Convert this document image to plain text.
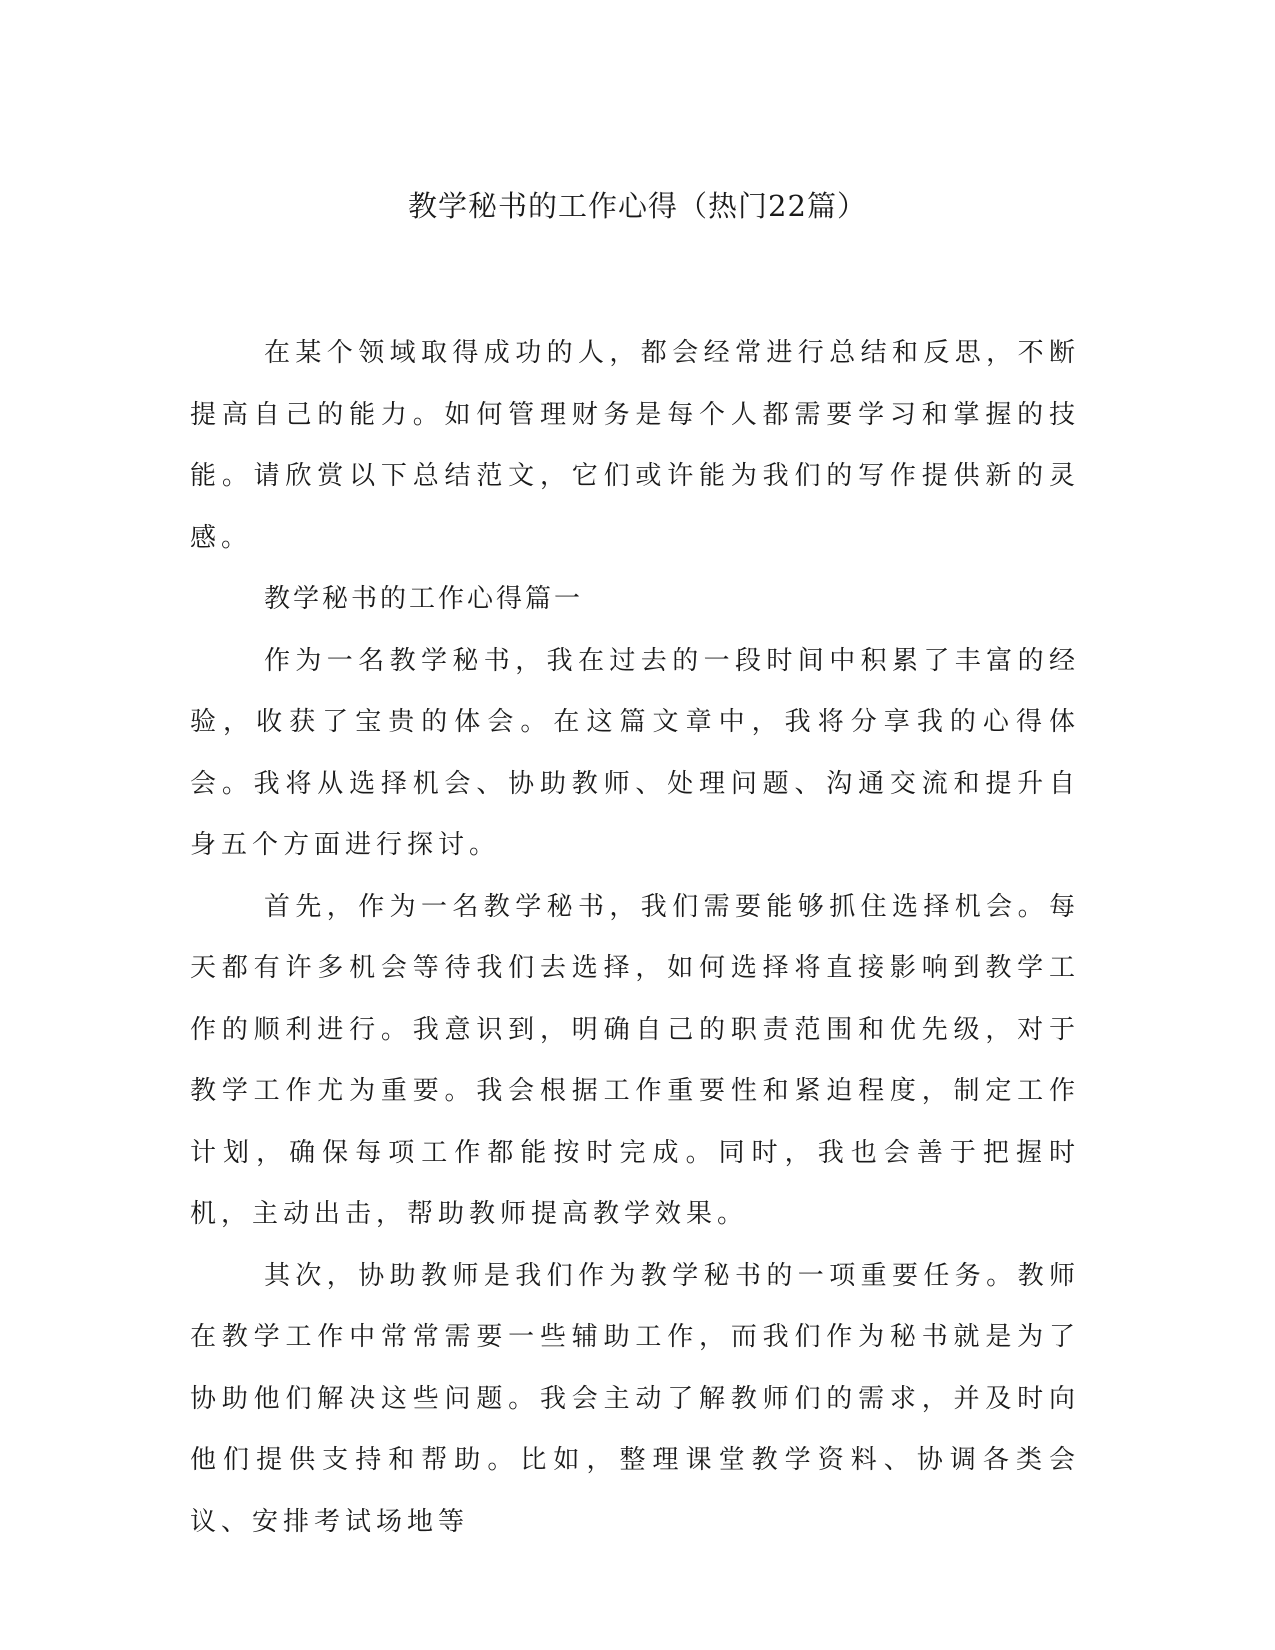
教学秘书的工作心得（热门22篇）

在某个领域取得成功的人，都会经常进行总结和反思，不断提高自己的能力。如何管理财务是每个人都需要学习和掌握的技能。请欣赏以下总结范文，它们或许能为我们的写作提供新的灵感。

教学秘书的工作心得篇一

作为一名教学秘书，我在过去的一段时间中积累了丰富的经验，收获了宝贵的体会。在这篇文章中，我将分享我的心得体会。我将从选择机会、协助教师、处理问题、沟通交流和提升自身五个方面进行探讨。

首先，作为一名教学秘书，我们需要能够抓住选择机会。每天都有许多机会等待我们去选择，如何选择将直接影响到教学工作的顺利进行。我意识到，明确自己的职责范围和优先级，对于教学工作尤为重要。我会根据工作重要性和紧迫程度，制定工作计划，确保每项工作都能按时完成。同时，我也会善于把握时机，主动出击，帮助教师提高教学效果。

其次，协助教师是我们作为教学秘书的一项重要任务。教师在教学工作中常常需要一些辅助工作，而我们作为秘书就是为了协助他们解决这些问题。我会主动了解教师们的需求，并及时向他们提供支持和帮助。比如，整理课堂教学资料、协调各类会议、安排考试场地等
